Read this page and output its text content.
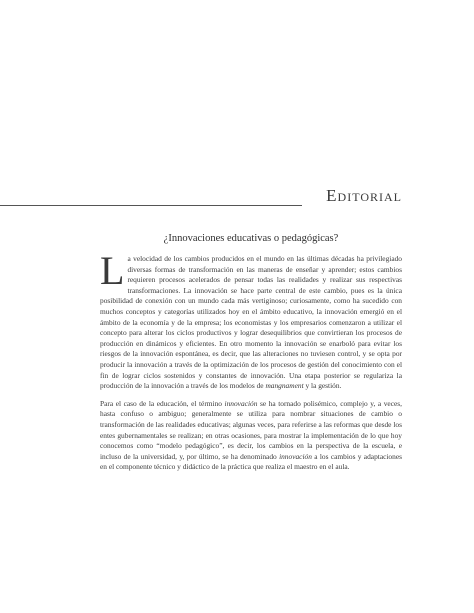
Editorial
¿Innovaciones educativas o pedagógicas?

La velocidad de los cambios producidos en el mundo en las últimas décadas ha privilegiado diversas formas de transformación en las maneras de enseñar y aprender; estos cambios requieren procesos acelerados de pensar todas las realidades y realizar sus respectivas transformaciones. La innovación se hace parte central de este cambio, pues es la única posibilidad de conexión con un mundo cada más vertiginoso; curiosamente, como ha sucedido con muchos conceptos y categorías utilizados hoy en el ámbito educativo, la innovación emergió en el ámbito de la economía y de la empresa; los economistas y los empresarios comenzaron a utilizar el concepto para alterar los ciclos productivos y lograr desequilibrios que convirtieran los procesos de producción en dinámicos y eficientes. En otro momento la innovación se enarboló para evitar los riesgos de la innovación espontánea, es decir, que las alteraciones no tuviesen control, y se opta por producir la innovación a través de la optimización de los procesos de gestión del conocimiento con el fin de lograr ciclos sostenidos y constantes de innovación. Una etapa posterior se regulariza la producción de la innovación a través de los modelos de mangnament y la gestión.

Para el caso de la educación, el término innovación se ha tornado polisémico, complejo y, a veces, hasta confuso o ambiguo; generalmente se utiliza para nombrar situaciones de cambio o transformación de las realidades educativas; algunas veces, para referirse a las reformas que desde los entes gubernamentales se realizan; en otras ocasiones, para mostrar la implementación de lo que hoy conocemos como “modelo pedagógico”, es decir, los cambios en la perspectiva de la escuela, e incluso de la universidad, y, por último, se ha denominado innovación a los cambios y adaptaciones en el componente técnico y didáctico de la práctica que realiza el maestro en el aula.
